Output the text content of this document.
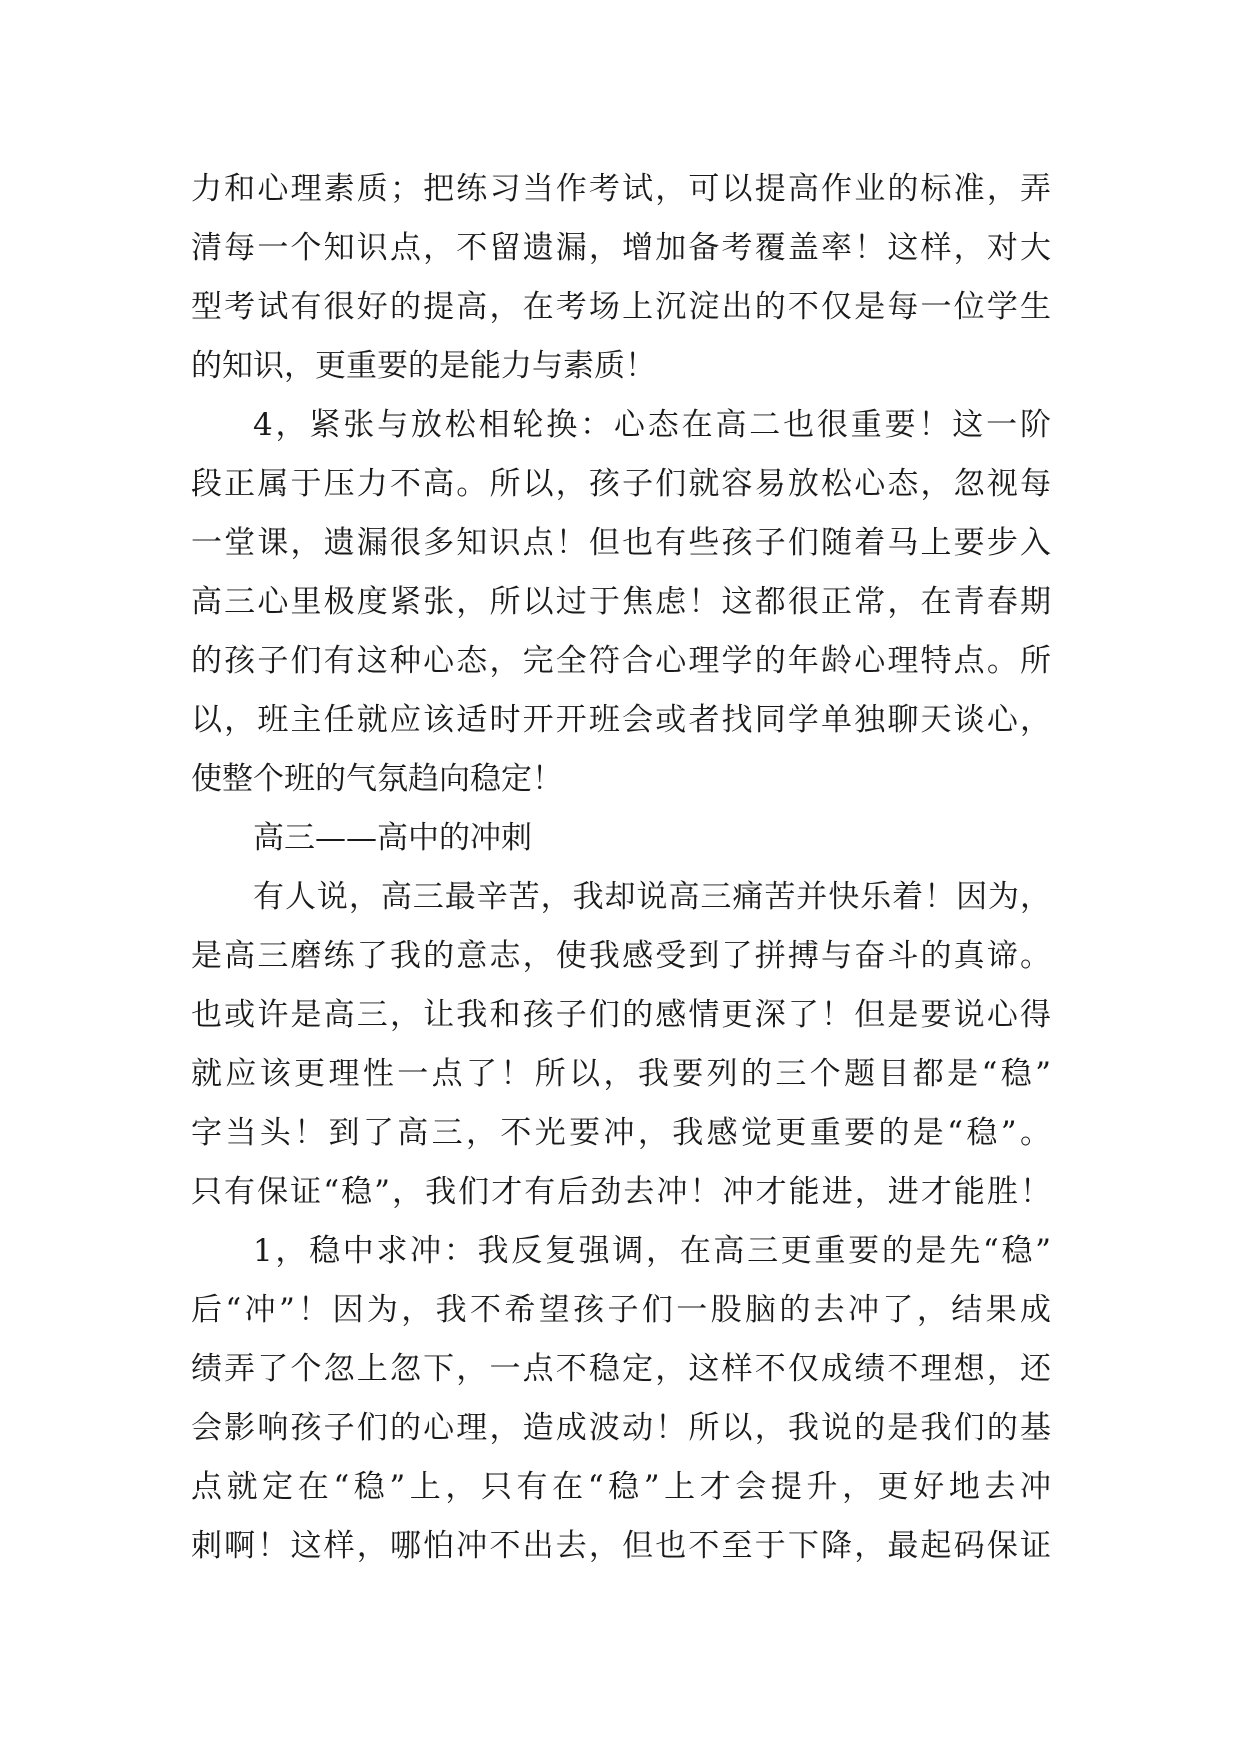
力和心理素质；把练习当作考试，可以提高作业的标准，弄
清每一个知识点，不留遗漏，增加备考覆盖率！这样，对大
型考试有很好的提高，在考场上沉淀出的不仅是每一位学生
的知识，更重要的是能力与素质！
4，紧张与放松相轮换：心态在高二也很重要！这一阶
段正属于压力不高。所以，孩子们就容易放松心态，忽视每
一堂课，遗漏很多知识点！但也有些孩子们随着马上要步入
高三心里极度紧张，所以过于焦虑！这都很正常，在青春期
的孩子们有这种心态，完全符合心理学的年龄心理特点。所
以，班主任就应该适时开开班会或者找同学单独聊天谈心，
使整个班的气氛趋向稳定！
高三——高中的冲刺
有人说，高三最辛苦，我却说高三痛苦并快乐着！因为，
是高三磨练了我的意志，使我感受到了拼搏与奋斗的真谛。
也或许是高三，让我和孩子们的感情更深了！但是要说心得
就应该更理性一点了！所以，我要列的三个题目都是“稳”
字当头！到了高三，不光要冲，我感觉更重要的是“稳”。
只有保证“稳”，我们才有后劲去冲！冲才能进，进才能胜！
1，稳中求冲：我反复强调，在高三更重要的是先“稳”
后“冲”！因为，我不希望孩子们一股脑的去冲了，结果成
绩弄了个忽上忽下，一点不稳定，这样不仅成绩不理想，还
会影响孩子们的心理，造成波动！所以，我说的是我们的基
点就定在“稳”上，只有在“稳”上才会提升，更好地去冲
刺啊！这样，哪怕冲不出去，但也不至于下降，最起码保证
